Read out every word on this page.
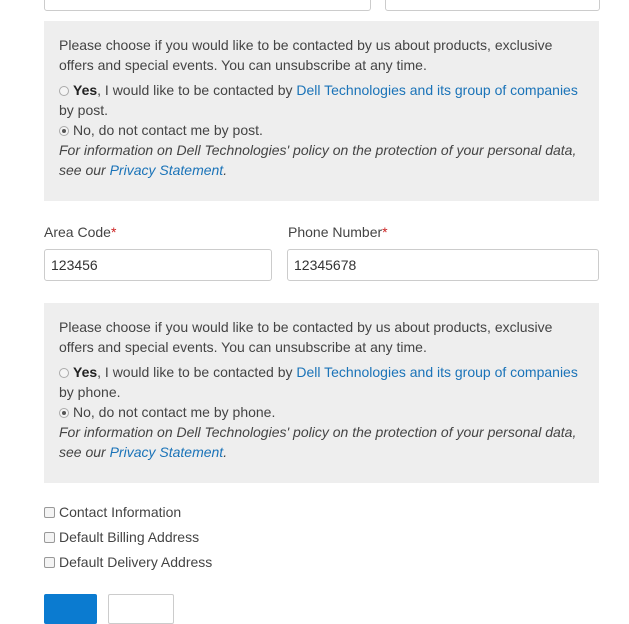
Please choose if you would like to be contacted by us about products, exclusive offers and special events. You can unsubscribe at any time.

Yes, I would like to be contacted by Dell Technologies and its group of companies by post.
No, do not contact me by post.
For information on Dell Technologies' policy on the protection of your personal data, see our Privacy Statement.
Area Code*
123456	Phone Number*
12345678

Please choose if you would like to be contacted by us about products, exclusive offers and special events. You can unsubscribe at any time.

Yes, I would like to be contacted by Dell Technologies and its group of companies by phone.
No, do not contact me by phone.
For information on Dell Technologies' policy on the protection of your personal data, see our Privacy Statement.
Contact Information
Default Billing Address
Default Delivery Address
